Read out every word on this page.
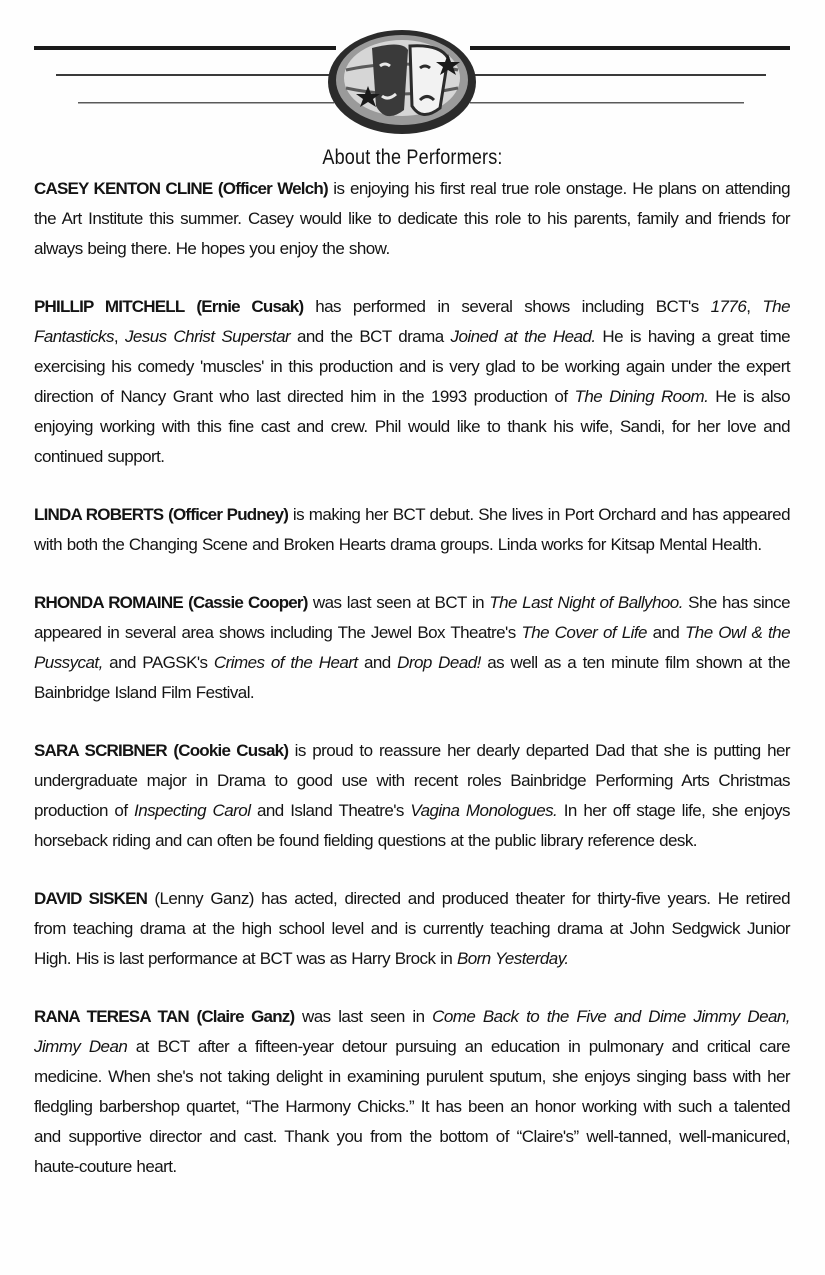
About the Performers:

CASEY KENTON CLINE (Officer Welch) is enjoying his first real true role onstage. He plans on attending the Art Institute this summer. Casey would like to dedicate this role to his parents, family and friends for always being there. He hopes you enjoy the show.

PHILLIP MITCHELL (Ernie Cusak) has performed in several shows including BCT's 1776, The Fantasticks, Jesus Christ Superstar and the BCT drama Joined at the Head. He is having a great time exercising his comedy 'muscles' in this production and is very glad to be working again under the expert direction of Nancy Grant who last directed him in the 1993 production of The Dining Room. He is also enjoying working with this fine cast and crew. Phil would like to thank his wife, Sandi, for her love and continued support.

LINDA ROBERTS (Officer Pudney) is making her BCT debut. She lives in Port Orchard and has appeared with both the Changing Scene and Broken Hearts drama groups. Linda works for Kitsap Mental Health.

RHONDA ROMAINE (Cassie Cooper) was last seen at BCT in The Last Night of Ballyhoo. She has since appeared in several area shows including The Jewel Box Theatre's The Cover of Life and The Owl & the Pussycat, and PAGSK's Crimes of the Heart and Drop Dead! as well as a ten minute film shown at the Bainbridge Island Film Festival.

SARA SCRIBNER (Cookie Cusak) is proud to reassure her dearly departed Dad that she is putting her undergraduate major in Drama to good use with recent roles Bainbridge Performing Arts Christmas production of Inspecting Carol and Island Theatre's Vagina Monologues. In her off stage life, she enjoys horseback riding and can often be found fielding questions at the public library reference desk.

DAVID SISKEN (Lenny Ganz) has acted, directed and produced theater for thirty-five years. He retired from teaching drama at the high school level and is currently teaching drama at John Sedgwick Junior High. His is last performance at BCT was as Harry Brock in Born Yesterday.

RANA TERESA TAN (Claire Ganz) was last seen in Come Back to the Five and Dime Jimmy Dean, Jimmy Dean at BCT after a fifteen-year detour pursuing an education in pulmonary and critical care medicine. When she's not taking delight in examining purulent sputum, she enjoys singing bass with her fledgling barbershop quartet, “The Harmony Chicks.” It has been an honor working with such a talented and supportive director and cast. Thank you from the bottom of “Claire's” well-tanned, well-manicured, haute-couture heart.
